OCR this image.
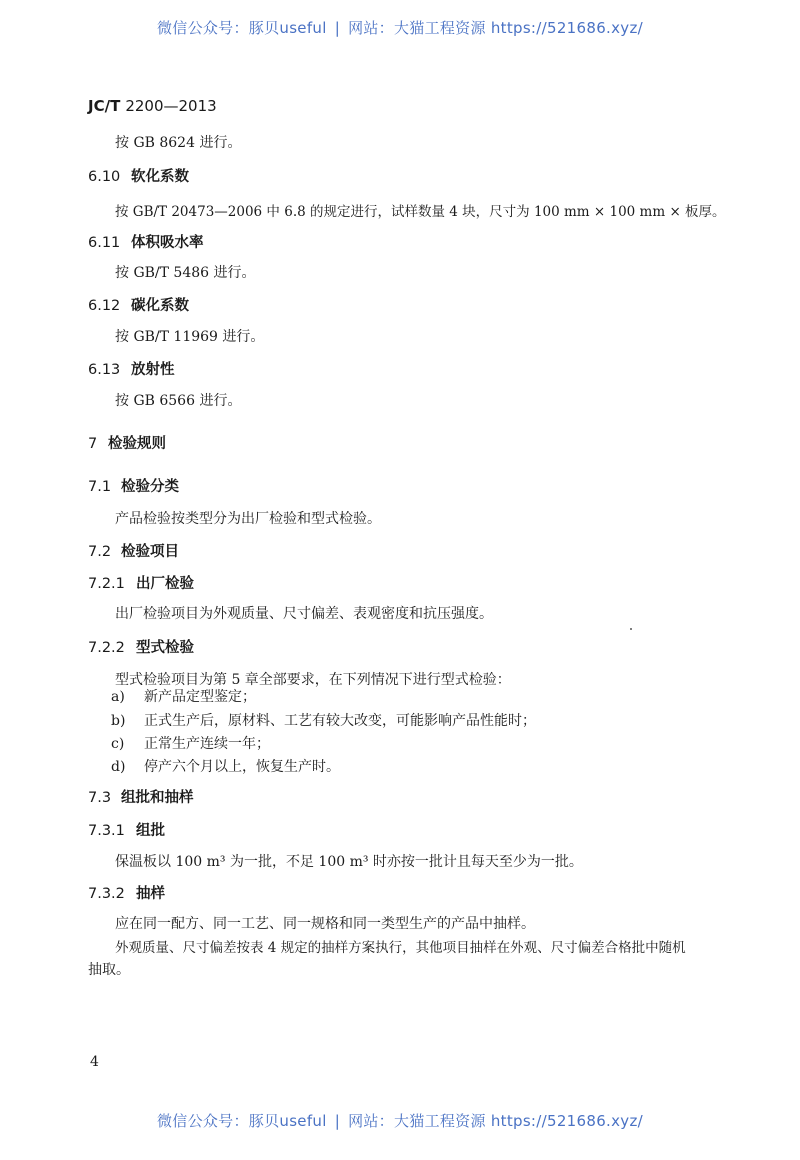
微信公众号：豚贝useful | 网站：大猫工程资源 https://521686.xyz/
JC/T 2200—2013
按 GB 8624 进行。
6.10 软化系数
按 GB/T 20473—2006 中 6.8 的规定进行，试样数量 4 块，尺寸为 100 mm × 100 mm × 板厚。
6.11 体积吸水率
按 GB/T 5486 进行。
6.12 碳化系数
按 GB/T 11969 进行。
6.13 放射性
按 GB 6566 进行。
7 检验规则
7.1 检验分类
产品检验按类型分为出厂检验和型式检验。
7.2 检验项目
7.2.1 出厂检验
出厂检验项目为外观质量、尺寸偏差、表观密度和抗压强度。
7.2.2 型式检验
型式检验项目为第 5 章全部要求，在下列情况下进行型式检验：
a) 新产品定型鉴定；
b) 正式生产后，原材料、工艺有较大改变，可能影响产品性能时；
c) 正常生产连续一年；
d) 停产六个月以上，恢复生产时。
7.3 组批和抽样
7.3.1 组批
保温板以 100 m³ 为一批，不足 100 m³ 时亦按一批计且每天至少为一批。
7.3.2 抽样
应在同一配方、同一工艺、同一规格和同一类型生产的产品中抽样。
外观质量、尺寸偏差按表 4 规定的抽样方案执行，其他项目抽样在外观、尺寸偏差合格批中随机
抽取。
4
微信公众号：豚贝useful | 网站：大猫工程资源 https://521686.xyz/
